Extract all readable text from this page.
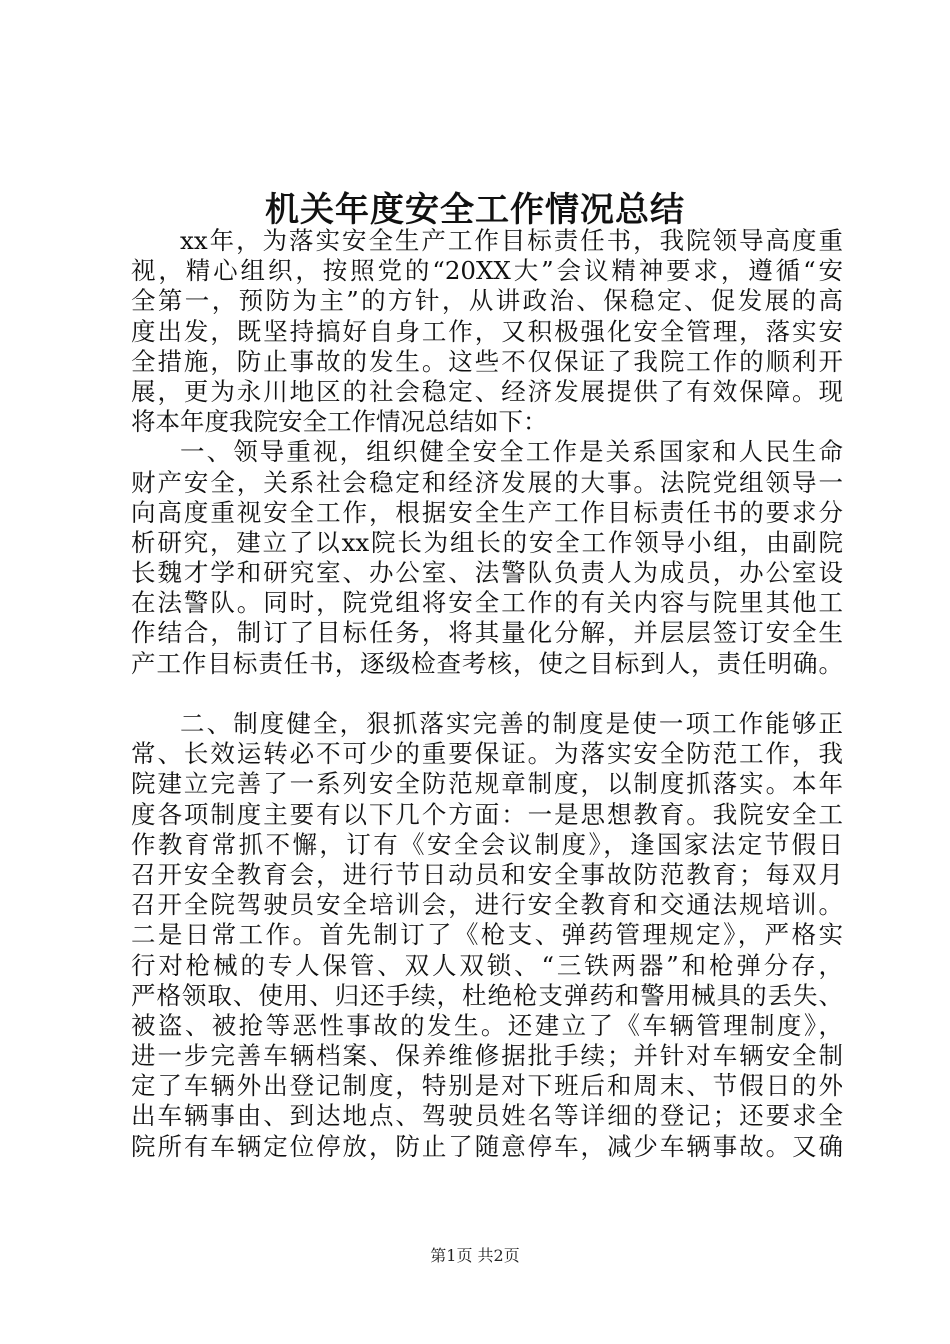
机关年度安全工作情况总结
xx年，为落实安全生产工作目标责任书，我院领导高度重
视，精心组织，按照党的“20XX大”会议精神要求，遵循“安
全第一，预防为主”的方针，从讲政治、保稳定、促发展的高
度出发，既坚持搞好自身工作，又积极强化安全管理，落实安
全措施，防止事故的发生。这些不仅保证了我院工作的顺利开
展，更为永川地区的社会稳定、经济发展提供了有效保障。现
将本年度我院安全工作情况总结如下：
一、领导重视，组织健全安全工作是关系国家和人民生命
财产安全，关系社会稳定和经济发展的大事。法院党组领导一
向高度重视安全工作，根据安全生产工作目标责任书的要求分
析研究，建立了以xx院长为组长的安全工作领导小组，由副院
长魏才学和研究室、办公室、法警队负责人为成员，办公室设
在法警队。同时，院党组将安全工作的有关内容与院里其他工
作结合，制订了目标任务，将其量化分解，并层层签订安全生
产工作目标责任书，逐级检查考核，使之目标到人，责任明确。
二、制度健全，狠抓落实完善的制度是使一项工作能够正
常、长效运转必不可少的重要保证。为落实安全防范工作，我
院建立完善了一系列安全防范规章制度，以制度抓落实。本年
度各项制度主要有以下几个方面：一是思想教育。我院安全工
作教育常抓不懈，订有《安全会议制度》，逢国家法定节假日
召开安全教育会，进行节日动员和安全事故防范教育；每双月
召开全院驾驶员安全培训会，进行安全教育和交通法规培训。
二是日常工作。首先制订了《枪支、弹药管理规定》，严格实
行对枪械的专人保管、双人双锁、“三铁两器”和枪弹分存，
严格领取、使用、归还手续，杜绝枪支弹药和警用械具的丢失、
被盗、被抢等恶性事故的发生。还建立了《车辆管理制度》，
进一步完善车辆档案、保养维修据批手续；并针对车辆安全制
定了车辆外出登记制度，特别是对下班后和周末、节假日的外
出车辆事由、到达地点、驾驶员姓名等详细的登记；还要求全
院所有车辆定位停放，防止了随意停车，减少车辆事故。又确
第1页 共2页
